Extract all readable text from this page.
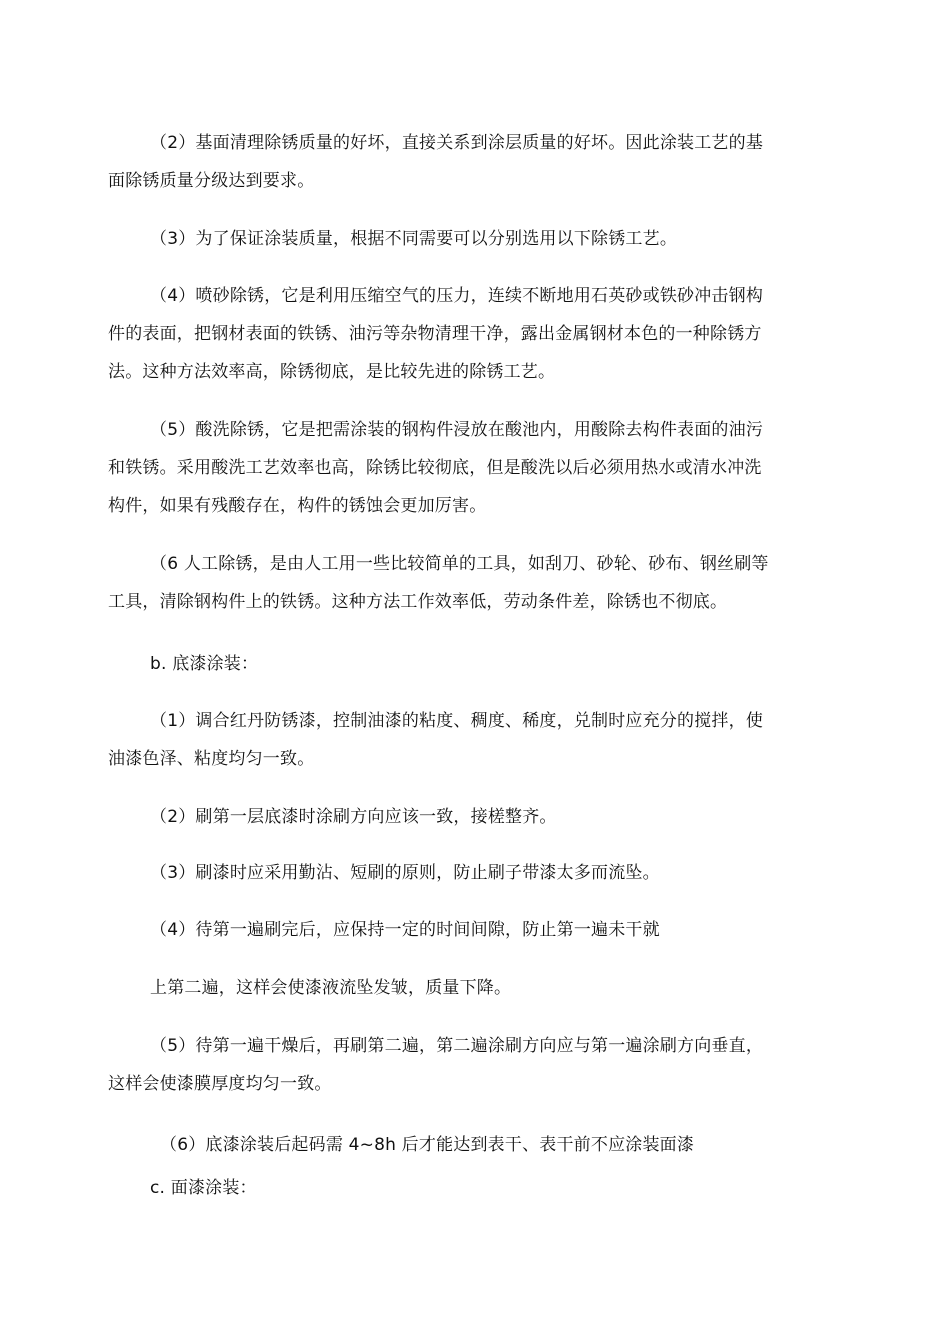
（2）基面清理除锈质量的好坏，直接关系到涂层质量的好坏。因此涂装工艺的基
面除锈质量分级达到要求。
（3）为了保证涂装质量，根据不同需要可以分别选用以下除锈工艺。
（4）喷砂除锈，它是利用压缩空气的压力，连续不断地用石英砂或铁砂冲击钢构
件的表面，把钢材表面的铁锈、油污等杂物清理干净，露出金属钢材本色的一种除锈方
法。这种方法效率高，除锈彻底，是比较先进的除锈工艺。
（5）酸洗除锈，它是把需涂装的钢构件浸放在酸池内，用酸除去构件表面的油污
和铁锈。采用酸洗工艺效率也高，除锈比较彻底，但是酸洗以后必须用热水或清水冲洗
构件，如果有残酸存在，构件的锈蚀会更加厉害。
（6 人工除锈，是由人工用一些比较简单的工具，如刮刀、砂轮、砂布、钢丝刷等
工具，清除钢构件上的铁锈。这种方法工作效率低，劳动条件差，除锈也不彻底。
b. 底漆涂装：
（1）调合红丹防锈漆，控制油漆的粘度、稠度、稀度，兑制时应充分的搅拌，使
油漆色泽、粘度均匀一致。
（2）刷第一层底漆时涂刷方向应该一致，接槎整齐。
（3）刷漆时应采用勤沾、短刷的原则，防止刷子带漆太多而流坠。
（4）待第一遍刷完后，应保持一定的时间间隙，防止第一遍未干就
上第二遍，这样会使漆液流坠发皱，质量下降。
（5）待第一遍干燥后，再刷第二遍，第二遍涂刷方向应与第一遍涂刷方向垂直，
这样会使漆膜厚度均匀一致。
（6）底漆涂装后起码需 4~8h 后才能达到表干、表干前不应涂装面漆
c. 面漆涂装：
